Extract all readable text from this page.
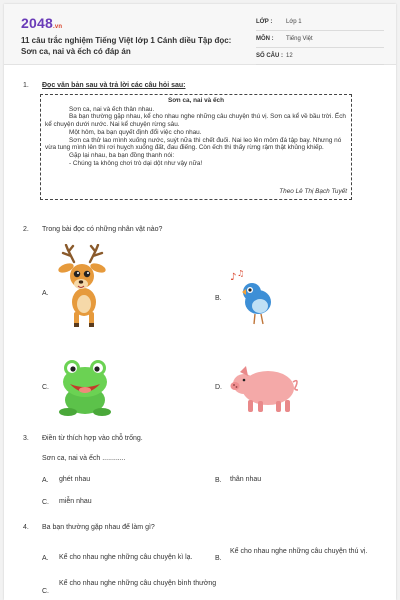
2048.vn
11 câu trắc nghiệm Tiếng Việt lớp 1 Cánh diều Tập đọc: Sơn ca, nai và ếch có đáp án
LỚP : Lớp 1
MÔN : Tiếng Việt
SỐ CÂU : 12
1. Đọc văn bản sau và trả lời các câu hỏi sau:
Sơn ca, nai và ếch

Sơn ca, nai và ếch thân nhau.

Ba bạn thường gặp nhau, kể cho nhau nghe những câu chuyện thú vị. Sơn ca kể về bầu trời. Ếch kể chuyện dưới nước. Nai kể chuyện rừng sâu.

Một hôm, ba bạn quyết định đổi việc cho nhau.

Sơn ca thử lao mình xuống nước, suýt nữa thì chết đuối. Nai leo lên mỏm đá tập bay. Nhưng nó vừa tung mình lên thì rơi huỵch xuống đất, đau điếng. Còn ếch thì thấy rừng rậm thật khủng khiếp.

Gặp lại nhau, ba bạn đồng thanh nói:

- Chúng ta không chơi trò dại dột như vậy nữa!

Theo Lê Thị Bạch Tuyết
2. Trong bài đọc có những nhân vật nào?
A.
B.
♪ ♫
C.	D.
3. Điền từ thích hợp vào chỗ trống.
Sơn ca, nai và ếch ............
A. ghét nhau	B. thân nhau
C. miễn nhau
4. Ba bạn thường gặp nhau để làm gì?
A. Kể cho nhau nghe những câu chuyện kì lạ.	B.
Kể cho nhau nghe những câu chuyện thú vị.
C.
Kể cho nhau nghe những câu chuyện bình thường
